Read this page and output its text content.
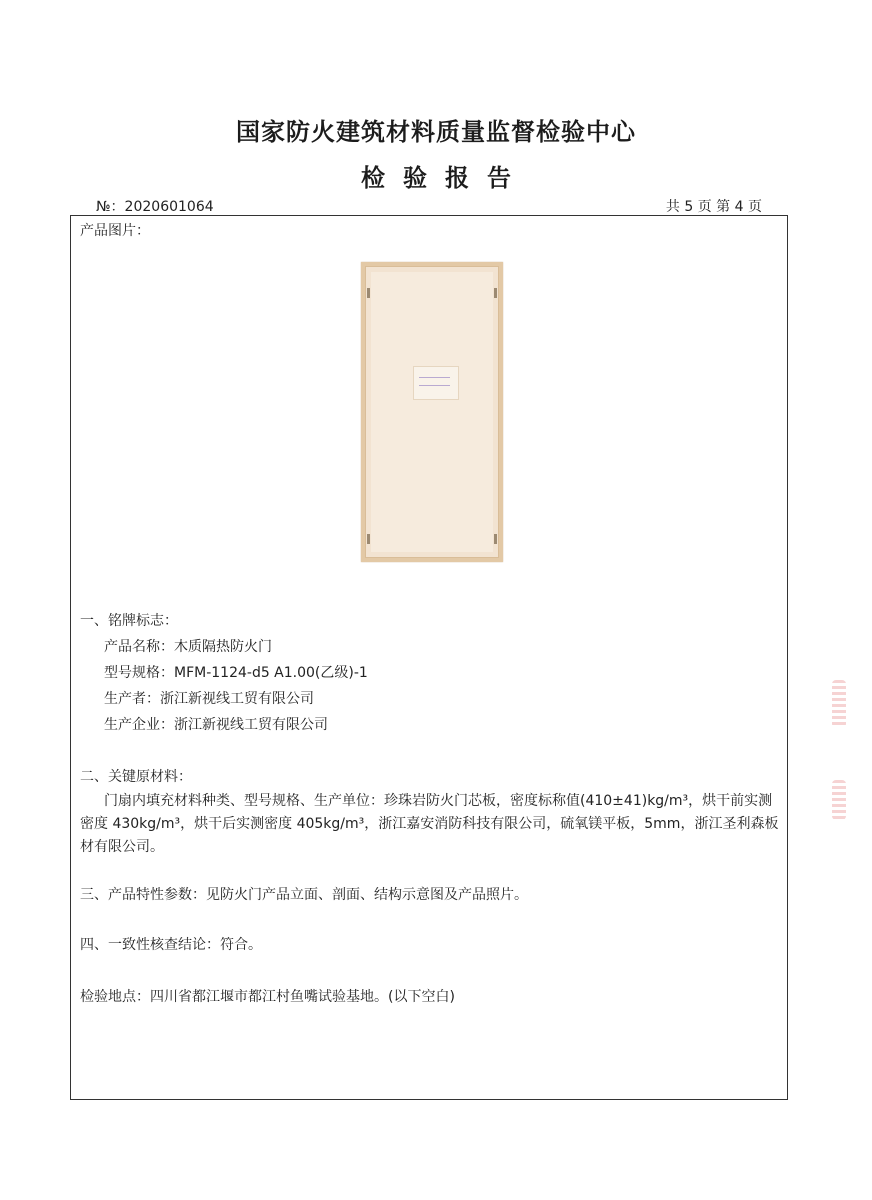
国家防火建筑材料质量监督检验中心
检验报告
№：2020601064	共 5 页 第 4 页
产品图片：
一、铭牌标志：
产品名称：木质隔热防火门
型号规格：MFM-1124-d5 A1.00(乙级)-1
生产者：浙江新视线工贸有限公司
生产企业：浙江新视线工贸有限公司
二、关键原材料：
门扇内填充材料种类、型号规格、生产单位：珍珠岩防火门芯板，密度标称值(410±41)kg/m³，烘干前实测密度 430kg/m³，烘干后实测密度 405kg/m³，浙江嘉安消防科技有限公司，硫氧镁平板，5mm，浙江圣利森板材有限公司。
三、产品特性参数：见防火门产品立面、剖面、结构示意图及产品照片。
四、一致性核查结论：符合。
检验地点：四川省都江堰市都江村鱼嘴试验基地。(以下空白)
